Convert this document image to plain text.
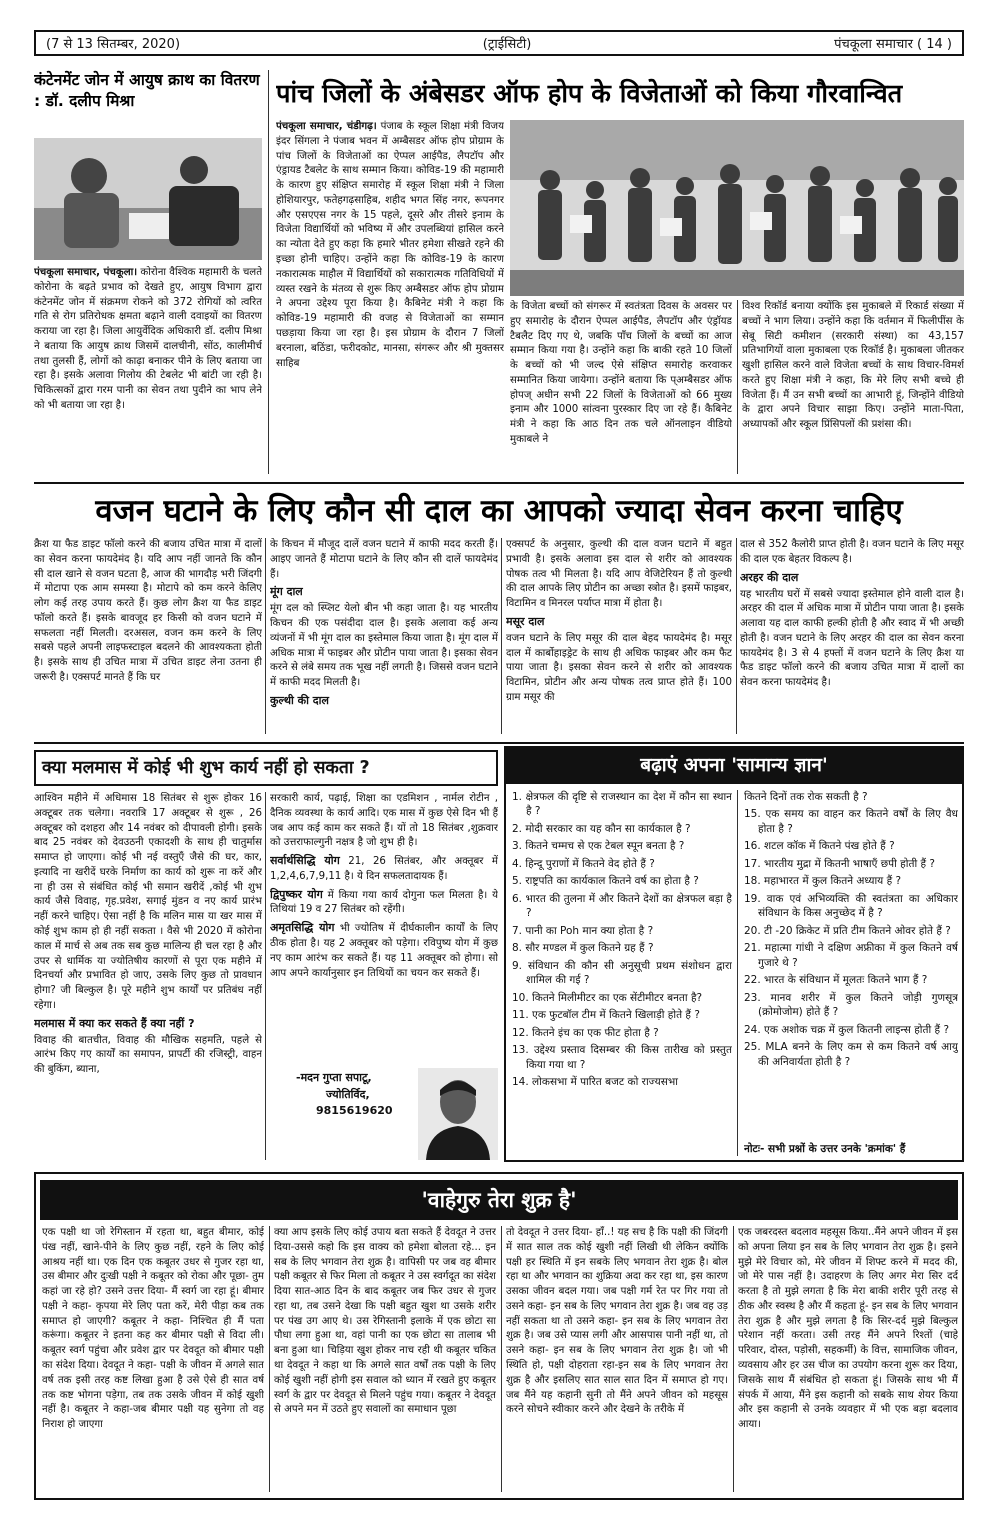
(7 से 13 सितम्बर, 2020)	(ट्राईसिटी)	पंचकूला समाचार ( 14 )
कंटेनमेंट जोन में आयुष क्राथ का वितरण : डॉ. दलीप मिश्रा

पंचकूला समाचार, पंचकूला। कोरोना वैश्विक महामारी के चलते कोरोना के बढ़ते प्रभाव को देखते हुए, आयुष विभाग द्वारा कंटेनमेंट जोन में संक्रमण रोकने को 372 रोगियों को त्वरित गति से रोग प्रतिरोधक क्षमता बढ़ाने वाली दवाइयों का वितरण कराया जा रहा है। जिला आयुर्वेदिक अधिकारी डॉ. दलीप मिश्रा ने बताया कि आयुष क्राथ जिसमें दालचीनी, सोंठ, कालीमीर्च तथा तुलसी हैं, लोगों को काढ़ा बनाकर पीने के लिए बताया जा रहा है। इसके अलावा गिलोय की टेबलेट भी बांटी जा रही है। चिकित्सकों द्वारा गरम पानी का सेवन तथा पुदीने का भाप लेने को भी बताया जा रहा है।

पांच जिलों के अंबेसडर ऑफ होप के विजेताओं को किया गौरवान्वित

पंचकूला समाचार, चंडीगढ़। पंजाब के स्कूल शिक्षा मंत्री विजय इंदर सिंगला ने पंजाब भवन में अम्बैसडर ऑफ होप प्रोग्राम के पांच जिलों के विजेताओं का ऐप्पल आईपैड, लैपटॉप और एंड्रायड टैबलेट के साथ सम्मान किया। कोविड-19 की महामारी के कारण हुए संक्षिप्त समारोह में स्कूल शिक्षा मंत्री ने जिला होशियारपुर, फतेहगढ़साहिब, शहीद भगत सिंह नगर, रूपनगर और एसएएस नगर के 15 पहले, दूसरे और तीसरे इनाम के विजेता विद्यार्थियों को भविष्य में और उपलब्धियां हासिल करने का न्योता देते हुए कहा कि हमारे भीतर हमेशा सीखते रहने की इच्छा होनी चाहिए। उन्होंने कहा कि कोविड-19 के कारण नकारात्मक माहौल में विद्यार्थियों को सकारात्मक गतिविधियों में व्यस्त रखने के मंतव्य से शुरू किए अम्बैसडर ऑफ होप प्रोग्राम ने अपना उद्देश्य पूरा किया है। कैबिनेट मंत्री ने कहा कि कोविड-19 महामारी की वजह से विजेताओं का सम्मान पछड़ाया किया जा रहा है। इस प्रोग्राम के दौरान 7 जिलों बरनाला, बठिंडा, फरीदकोट, मानसा, संगरूर और श्री मुक्तसर साहिब

के विजेता बच्चों को संगरूर में स्वतंत्रता दिवस के अवसर पर हुए समारोह के दौरान ऐप्पल आईपैड, लैपटॉप और एंड्रॉयड टैबलैट दिए गए थे, जबकि पाँच जिलों के बच्चों का आज सम्मान किया गया है। उन्होंने कहा कि बाकी रहते 10 जिलों के बच्चों को भी जल्द ऐसे संक्षिप्त समारोह करवाकर सम्मानित किया जायेगा। उन्होंने बताया कि प्अम्बैसडर ऑफ होपज् अधीन सभी 22 जिलों के विजेताओं को 66 मुख्य इनाम और 1000 सांत्वना पुरस्कार दिए जा रहे हैं। कैबिनेट मंत्री ने कहा कि आठ दिन तक चले ऑनलाइन वीडियो मुकाबले ने

विश्व रिकॉर्ड बनाया क्योंकि इस मुकाबले में रिकार्ड संख्या में बच्चों ने भाग लिया। उन्होंने कहा कि वर्तमान में फिलीपींस के सेबू सिटी कमीशन (सरकारी संस्था) का 43,157 प्रतिभागियों वाला मुकाबला एक रिकॉर्ड है। मुकाबला जीतकर खुशी हासिल करने वाले विजेता बच्चों के साथ विचार-विमर्श करते हुए शिक्षा मंत्री ने कहा, कि मेरे लिए सभी बच्चे ही विजेता हैं। मैं उन सभी बच्चों का आभारी हूं, जिन्होंने वीडियो के द्वारा अपने विचार साझा किए। उन्होंने माता-पिता, अध्यापकों और स्कूल प्रिंसिपलों की प्रशंसा की।

वजन घटाने के लिए कौन सी दाल का आपको ज्यादा सेवन करना चाहिए

क्रैश या फैड डाइट फॉलो करने की बजाय उचित मात्रा में दालों का सेवन करना फायदेमंद है। यदि आप नहीं जानते कि कौन सी दाल खाने से वजन घटता है, आज की भागदौड़ भरी जिंदगी में मोटापा एक आम समस्या है। मोटापे को कम करने केलिए लोग कई तरह उपाय करते हैं। कुछ लोग क्रैश या फैड डाइट फॉलो करते हैं। इसके बावजूद हर किसी को वजन घटाने में सफलता नहीं मिलती। दरअसल, वजन कम करने के लिए सबसे पहले अपनी लाइफस्टाइल बदलने की आवश्यकता होती है। इसके साथ ही उचित मात्रा में उचित डाइट लेना उतना ही जरूरी है। एक्सपर्ट मानते हैं कि घर

के किचन में मौजूद दालें वजन घटाने में काफी मदद करती हैं। आइए जानते हैं मोटापा घटाने के लिए कौन सी दालें फायदेमंद हैं।

मूंग दाल

मूंग दल को स्प्लिट येलो बीन भी कहा जाता है। यह भारतीय किचन की एक पसंदीदा दाल है। इसके अलावा कई अन्य व्यंजनों में भी मूंग दाल का इस्तेमाल किया जाता है। मूंग दाल में अधिक मात्रा में फाइबर और प्रोटीन पाया जाता है। इसका सेवन करने से लंबे समय तक भूख नहीं लगती है। जिससे वजन घटाने में काफी मदद मिलती है।

कुल्थी की दाल

एक्सपर्ट के अनुसार, कुल्थी की दाल वजन घटाने में बहुत प्रभावी है। इसके अलावा इस दाल से शरीर को आवश्यक पोषक तत्व भी मिलता है। यदि आप वेजिटेरियन हैं तो कुल्थी की दाल आपके लिए प्रोटीन का अच्छा स्त्रोत है। इसमें फाइबर, विटामिन व मिनरल पर्याप्त मात्रा में होता है।

मसूर दाल

वजन घटाने के लिए मसूर की दाल बेहद फायदेमंद है। मसूर दाल में कार्बोहाइड्रेट के साथ ही अधिक फाइबर और कम फैट पाया जाता है। इसका सेवन करने से शरीर को आवश्यक विटामिन, प्रोटीन और अन्य पोषक तत्व प्राप्त होते हैं। 100 ग्राम मसूर की

दाल से 352 कैलोरी प्राप्त होती है। वजन घटाने के लिए मसूर की दाल एक बेहतर विकल्प है।

अरहर की दाल

यह भारतीय घरों में सबसे ज्यादा इस्तेमाल होने वाली दाल है। अरहर की दाल में अधिक मात्रा में प्रोटीन पाया जाता है। इसके अलावा यह दाल काफी हल्की होती है और स्वाद में भी अच्छी होती है। वजन घटाने के लिए अरहर की दाल का सेवन करना फायदेमंद है। 3 से 4 हफ्तों में वजन घटाने के लिए क्रैश या फैड डाइट फॉलो करने की बजाय उचित मात्रा में दालों का सेवन करना फायदेमंद है।

क्या मलमास में कोई भी शुभ कार्य नहीं हो सकता ?

आश्विन महीने में अधिमास 18 सितंबर से शुरू होकर 16 अक्टूबर तक चलेगा। नवरात्रि 17 अक्टूबर से शुरू , 26 अक्टूबर को दशहरा और 14 नवंबर को दीपावली होगी। इसके बाद 25 नवंबर को देवउठनी एकादशी के साथ ही चातुर्मास समाप्त हो जाएगा। कोई भी नई वस्तुएँ जैसे की घर, कार, इत्यादि ना खरीदें घरके निर्माण का कार्य को शुरू ना करें और ना ही उस से संबंधित कोई भी समान खरीदें ,कोई भी शुभ कार्य जैसे विवाह, गृह.प्रवेश, सगाई मुंडन व नए कार्य प्रारंभ नहीं करने चाहिए। ऐसा नहीं है कि मलिन मास या खर मास में कोई शुभ काम हो ही नहीं सकता । वैसे भी 2020 में कोरोना काल में मार्च से अब तक सब कुछ मालिन्य ही चल रहा है और उपर से धार्मिक या ज्योतिषीय कारणों से पूरा एक महीने में दिनचर्या और प्रभावित हो जाए, उसके लिए कुछ तो प्रावधान होगा? जी बिल्कुल है। पूरे महीने शुभ कार्यों पर प्रतिबंध नहीं रहेगा।

मलमास में क्या कर सकते हैं क्या नहीं ?

विवाह की बातचीत, विवाह की मौखिक सहमति, पहले से आरंभ किए गए कार्यों का समापन, प्रापर्टी की रजिस्ट्री, वाहन की बुकिंग, ब्याना,

सरकारी कार्य, पढ़ाई, शिक्षा का एडमिशन , नार्मल रोटीन , दैनिक व्यवस्था के कार्य आदि। एक मास में कुछ ऐसे दिन भी हैं जब आप कई काम कर सकते हैं। यों तो 18 सितंबर ,शुक्रवार को उत्तराफाल्गुनी नक्षत्र है जो शुभ ही है।

सर्वार्थसिद्धि योग 21, 26 सितंबर, और अक्तूबर में 1,2,4,6,7,9,11 है। ये दिन सफलतादायक हैं।

द्विपुष्कर योग में किया गया कार्य दोगुना फल मिलता है। ये तिथियां 19 व 27 सितंबर को रहेंगी।

अमृतसिद्धि योग भी ज्योतिष में दीर्घकालीन कार्यों के लिए ठीक होता है। यह 2 अक्तूबर को पड़ेगा। रविपुष्य योग में कुछ नए काम आरंभ कर सकते हैं। यह 11 अक्तूबर को होगा। सो आप अपने कार्यानुसार इन तिथियों का चयन कर सकते हैं।

-मदन गुप्ता सपाटू,
ज्योतिर्विद,
9815619620
बढ़ाएं अपना 'सामान्य ज्ञान'
1. क्षेत्रफल की दृष्टि से राजस्थान का देश में कौन सा स्थान है ?
2. मोदी सरकार का यह कौन सा कार्यकाल है ?
3. कितने चम्मच से एक टेबल स्पून बनता है ?
4. हिन्दू पुराणों में कितने वेद होते हैं ?
5. राष्ट्रपति का कार्यकाल कितने वर्ष का होता है ?
6. भारत की तुलना में और कितने देशों का क्षेत्रफल बड़ा है ?
7. पानी का Poh मान क्या होता है ?
8. सौर मण्डल में कुल कितने ग्रह हैं ?
9. संविधान की कौन सी अनुसूची प्रथम संशोधन द्वारा शामिल की गई ?
10. कितने मिलीमीटर का एक सेंटीमीटर बनता है?
11. एक फुटबॉल टीम में कितने खिलाड़ी होते हैं ?
12. कितने इंच का एक फीट होता है ?
13. उद्देश्य प्रस्ताव दिसम्बर की किस तारीख को प्रस्तुत किया गया था ?
14. लोकसभा में पारित बजट को राज्यसभा
कितने दिनों तक रोक सकती है ?
15. एक समय का वाहन कर कितने वर्षों के लिए वैध होता है ?
16. शटल कॉक में कितने पंख होते हैं ?
17. भारतीय मुद्रा में कितनी भाषाएँ छपी होती हैं ?
18. महाभारत में कुल कितने अध्याय हैं ?
19. वाक एवं अभिव्यक्ति की स्वतंत्रता का अधिकार संविधान के किस अनुच्छेद में है ?
20. टी -20 क्रिकेट में प्रति टीम कितने ओवर होते हैं ?
21. महात्मा गांधी ने दक्षिण अफ्रीका में कुल कितने वर्ष गुजारे थे ?
22. भारत के संविधान में मूलतः कितने भाग हैं ?
23. मानव शरीर में कुल कितने जोड़ी गुणसूत्र (क्रोमोजोम) होते हैं ?
24. एक अशोक चक्र में कुल कितनी लाइन्स होती हैं ?
25. MLA बनने के लिए कम से कम कितने वर्ष आयु की अनिवार्यता होती है ?
नोटः- सभी प्रश्नों के उत्तर उनके 'क्रमांक' हैं
'वाहेगुरु तेरा शुक्र है'

एक पक्षी था जो रेगिस्तान में रहता था, बहुत बीमार, कोई पंख नहीं, खाने-पीने के लिए कुछ नहीं, रहने के लिए कोई आश्रय नहीं था। एक दिन एक कबूतर उधर से गुजर रहा था, उस बीमार और दुःखी पक्षी ने कबूतर को रोका और पूछा- तुम कहां जा रहे हो? उसने उत्तर दिया- मैं स्वर्ग जा रहा हूं। बीमार पक्षी ने कहा- कृपया मेरे लिए पता करें, मेरी पीड़ा कब तक समाप्त हो जाएगी? कबूतर ने कहा- निश्चित ही मैं पता करूंगा। कबूतर ने इतना कह कर बीमार पक्षी से विदा ली। कबूतर स्वर्ग पहुंचा और प्रवेश द्वार पर देवदूत को बीमार पक्षी का संदेश दिया। देवदूत ने कहा- पक्षी के जीवन में अगले सात वर्ष तक इसी तरह कष्ट लिखा हुआ है उसे ऐसे ही सात वर्ष तक कष्ट भोगना पड़ेगा, तब तक उसके जीवन में कोई खुशी नहीं है। कबूतर ने कहा-जब बीमार पक्षी यह सुनेगा तो वह निराश हो जाएगा

क्या आप इसके लिए कोई उपाय बता सकते हैं देवदूत ने उत्तर दिया-उससे कहो कि इस वाक्य को हमेशा बोलता रहे... इन सब के लिए भगवान तेरा शुक्र है। वापिसी पर जब वह बीमार पक्षी कबूतर से फिर मिला तो कबूतर ने उस स्वर्गदूत का संदेश दिया सात-आठ दिन के बाद कबूतर जब फिर उधर से गुजर रहा था, तब उसने देखा कि पक्षी बहुत खुश था उसके शरीर पर पंख उग आए थे। उस रेगिस्तानी इलाके में एक छोटा सा पौधा लगा हुआ था, वहां पानी का एक छोटा सा तालाब भी बना हुआ था। चिड़िया खुश होकर नाच रही थी कबूतर चकित था देवदूत ने कहा था कि अगले सात वर्षों तक पक्षी के लिए कोई खुशी नहीं होगी इस सवाल को ध्यान में रखते हुए कबूतर स्वर्ग के द्वार पर देवदूत से मिलने पहुंच गया। कबूतर ने देवदूत से अपने मन में उठते हुए सवालों का समाधान पूछा

तो देवदूत ने उत्तर दिया- हाँ..! यह सच है कि पक्षी की जिंदगी में सात साल तक कोई खुशी नहीं लिखी थी लेकिन क्योंकि पक्षी हर स्थिति में इन सबके लिए भगवान तेरा शुक्र है। बोल रहा था और भगवान का शुक्रिया अदा कर रहा था, इस कारण उसका जीवन बदल गया। जब पक्षी गर्म रेत पर गिर गया तो उसने कहा- इन सब के लिए भगवान तेरा शुक्र है। जब वह उड़ नहीं सकता था तो उसने कहा- इन सब के लिए भगवान तेरा शुक्र है। जब उसे प्यास लगी और आसपास पानी नहीं था, तो उसने कहा- इन सब के लिए भगवान तेरा शुक्र है। जो भी स्थिति हो, पक्षी दोहराता रहा-इन सब के लिए भगवान तेरा शुक्र है और इसलिए सात साल सात दिन में समाप्त हो गए। जब मैंने यह कहानी सुनी तो मैंने अपने जीवन को महसूस करने सोचने स्वीकार करने और देखने के तरीके में

एक जबरदस्त बदलाव महसूस किया..मैंने अपने जीवन में इस को अपना लिया इन सब के लिए भगवान तेरा शुक्र है। इसने मुझे मेरे विचार को, मेरे जीवन में शिफ्ट करने में मदद की, जो मेरे पास नहीं है। उदाहरण के लिए अगर मेरा सिर दर्द करता है तो मुझे लगता है कि मेरा बाकी शरीर पूरी तरह से ठीक और स्वस्थ है और मैं कहता हूं- इन सब के लिए भगवान तेरा शुक्र है और मुझे लगता है कि सिर-दर्द मुझे बिल्कुल परेशान नहीं करता। उसी तरह मैंने अपने रिश्तों (चाहे परिवार, दोस्त, पड़ोसी, सहकर्मी) के वित्त, सामाजिक जीवन, व्यवसाय और हर उस चीज का उपयोग करना शुरू कर दिया, जिसके साथ मैं संबंधित हो सकता हूं। जिसके साथ भी मैं संपर्क में आया, मैंने इस कहानी को सबके साथ शेयर किया और इस कहानी से उनके व्यवहार में भी एक बड़ा बदलाव आया।
